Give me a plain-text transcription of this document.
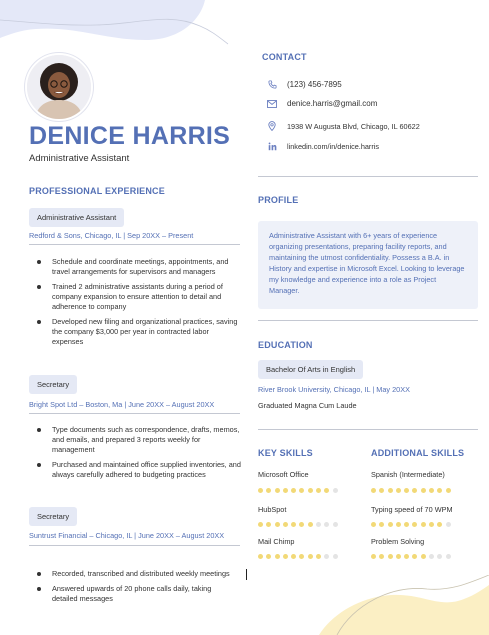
DENICE HARRIS
Administrative Assistant
PROFESSIONAL EXPERIENCE
Administrative Assistant
Redford & Sons, Chicago, IL | Sep 20XX – Present
Schedule and coordinate meetings, appointments, and travel arrangements for supervisors and managers
Trained 2 administrative assistants during a period of company expansion to ensure attention to detail and adherence to company
Developed new filing and organizational practices, saving the company $3,000 per year in contracted labor expenses
Secretary
Bright Spot Ltd – Boston, Ma | June 20XX – August 20XX
Type documents such as correspondence, drafts, memos, and emails, and prepared 3 reports weekly for management
Purchased and maintained office supplied inventories, and always carefully adhered to budgeting practices
Secretary
Suntrust Financial – Chicago, IL | June 20XX – August 20XX
Recorded, transcribed and distributed weekly meetings
Answered upwards of 20 phone calls daily, taking detailed messages
CONTACT
(123) 456-7895
denice.harris@gmail.com
1938 W Augusta Blvd, Chicago, IL 60622
linkedin.com/in/denice.harris
PROFILE
Administrative Assistant with 6+ years of experience organizing presentations, preparing facility reports, and maintaining the utmost confidentiality. Possess a B.A. in History and expertise in Microsoft Excel. Looking to leverage my knowledge and experience into a role as Project Manager.
EDUCATION
Bachelor Of Arts in English
River Brook University, Chicago, IL | May 20XX
Graduated Magna Cum Laude
KEY SKILLS
Microsoft Office
HubSpot
Mail Chimp
ADDITIONAL SKILLS
Spanish (Intermediate)
Typing speed of 70 WPM
Problem Solving
